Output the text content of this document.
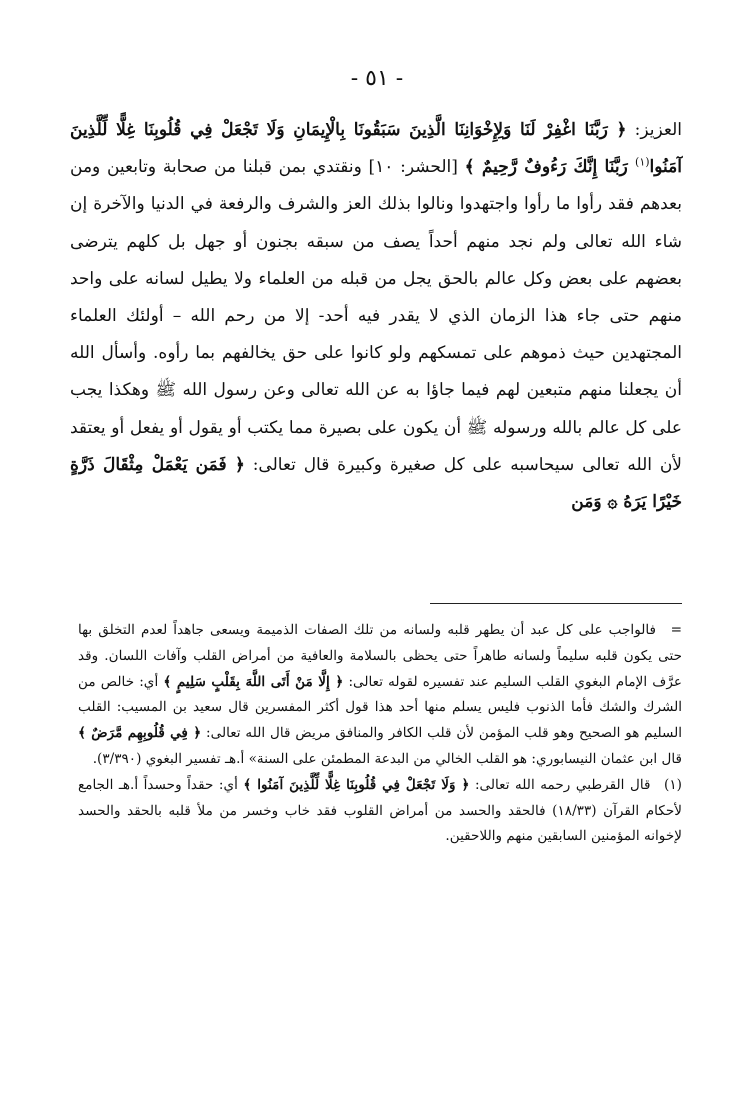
- ٥١ -

العزيز: ﴿ رَبَّنَا اغْفِرْ لَنَا وَلِإِخْوَانِنَا الَّذِينَ سَبَقُونَا بِالْإِيمَانِ وَلَا تَجْعَلْ فِي قُلُوبِنَا غِلًّا لِّلَّذِينَ آمَنُوا$^{(١)}$ رَبَّنَا إِنَّكَ رَءُوفٌ رَّحِيمٌ ﴾ [الحشر: ١٠] ونقتدي بمن قبلنا من صحابة وتابعين ومن بعدهم فقد رأوا ما رأوا واجتهدوا ونالوا بذلك العز والشرف والرفعة في الدنيا والآخرة إن شاء الله تعالى ولم نجد منهم أحداً يصف من سبقه بجنون أو جهل بل كلهم يترضى بعضهم على بعض وكل عالم بالحق يجل من قبله من العلماء ولا يطيل لسانه على واحد منهم حتى جاء هذا الزمان الذي لا يقدر فيه أحد- إلا من رحم الله – أولئك العلماء المجتهدين حيث ذموهم على تمسكهم ولو كانوا على حق يخالفهم بما رأوه. وأسأل الله أن يجعلنا منهم متبعين لهم فيما جاؤا به عن الله تعالى وعن رسول الله ﷺ وهكذا يجب على كل عالم بالله ورسوله ﷺ أن يكون على بصيرة مما يكتب أو يقول أو يفعل أو يعتقد لأن الله تعالى سيحاسبه على كل صغيرة وكبيرة قال تعالى: ﴿ فَمَن يَعْمَلْ مِثْقَالَ ذَرَّةٍ خَيْرًا يَرَهُ ۞ وَمَن

=فالواجب على كل عبد أن يطهر قلبه ولسانه من تلك الصفات الذميمة ويسعى جاهداً لعدم التخلق بها حتى يكون قلبه سليماً ولسانه طاهراً حتى يحظى بالسلامة والعافية من أمراض القلب وآفات اللسان. وقد عرَّف الإمام البغوي القلب السليم عند تفسيره لقوله تعالى: ﴿ إِلَّا مَنْ أَتَى اللَّهَ بِقَلْبٍ سَلِيمٍ ﴾ أي: خالص من الشرك والشك فأما الذنوب فليس يسلم منها أحد هذا قول أكثر المفسرين قال سعيد بن المسيب: القلب السليم هو الصحيح وهو قلب المؤمن لأن قلب الكافر والمنافق مريض قال الله تعالى: ﴿ فِي قُلُوبِهِم مَّرَضٌ ﴾ قال ابن عثمان النيسابوري: هو القلب الخالي من البدعة المطمئن على السنة» أ.هـ تفسير البغوي (٣/٣٩٠).

(١) قال القرطبي رحمه الله تعالى: ﴿ وَلَا تَجْعَلْ فِي قُلُوبِنَا غِلًّا لِّلَّذِينَ آمَنُوا ﴾ أي: حقداً وحسداً أ.هـ الجامع لأحكام القرآن (١٨/٣٣) فالحقد والحسد من أمراض القلوب فقد خاب وخسر من ملأ قلبه بالحقد والحسد لإخوانه المؤمنين السابقين منهم واللاحقين.
